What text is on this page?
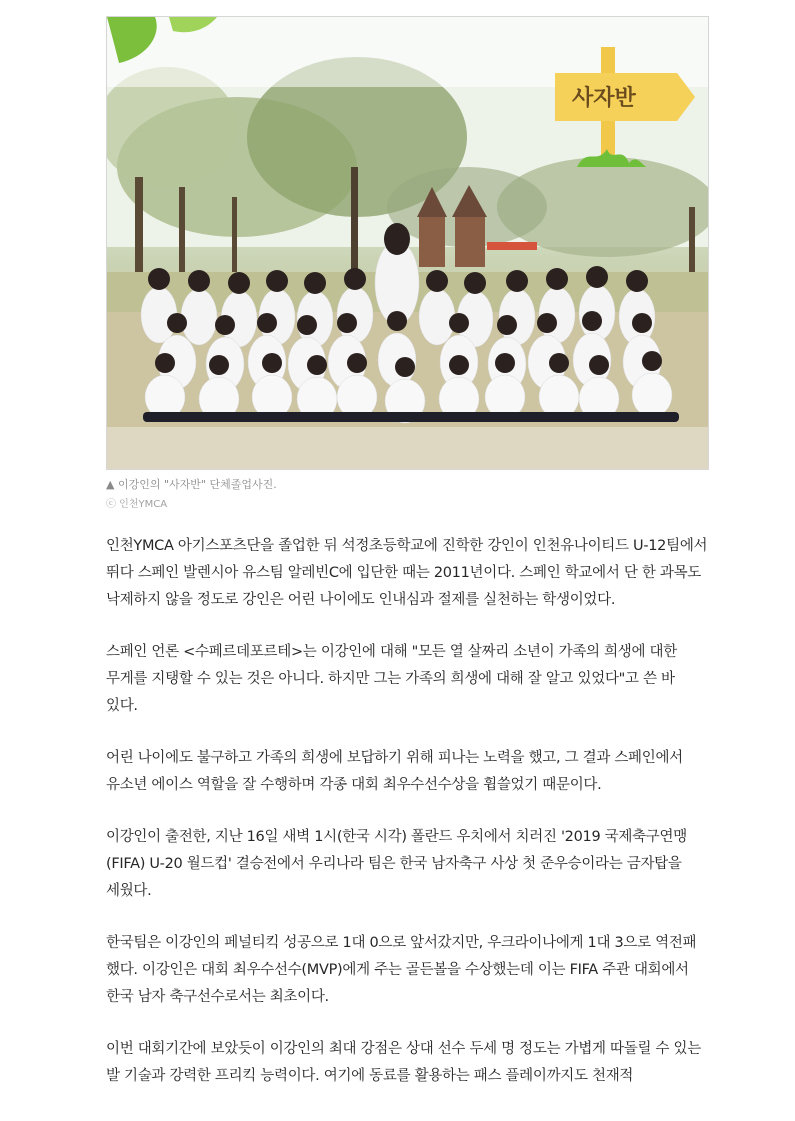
사자반
▲ 이강인의 "사자반" 단체졸업사진.
ⓒ 인천YMCA

인천YMCA 아기스포츠단을 졸업한 뒤 석정초등학교에 진학한 강인이 인천유나이티드 U-12팀에서 뛰다 스페인 발렌시아 유스팀 알레빈C에 입단한 때는 2011년이다. 스페인 학교에서 단 한 과목도 낙제하지 않을 정도로 강인은 어린 나이에도 인내심과 절제를 실천하는 학생이었다.

스페인 언론 <수페르데포르테>는 이강인에 대해 "모든 열 살짜리 소년이 가족의 희생에 대한 무게를 지탱할 수 있는 것은 아니다. 하지만 그는 가족의 희생에 대해 잘 알고 있었다"고 쓴 바 있다.

어린 나이에도 불구하고 가족의 희생에 보답하기 위해 피나는 노력을 했고, 그 결과 스페인에서 유소년 에이스 역할을 잘 수행하며 각종 대회 최우수선수상을 휩쓸었기 때문이다.

이강인이 출전한, 지난 16일 새벽 1시(한국 시각) 폴란드 우치에서 치러진 '2019 국제축구연맹(FIFA) U-20 월드컵' 결승전에서 우리나라 팀은 한국 남자축구 사상 첫 준우승이라는 금자탑을 세웠다.

한국팀은 이강인의 페널티킥 성공으로 1대 0으로 앞서갔지만, 우크라이나에게 1대 3으로 역전패 했다. 이강인은 대회 최우수선수(MVP)에게 주는 골든볼을 수상했는데 이는 FIFA 주관 대회에서 한국 남자 축구선수로서는 최초이다.

이번 대회기간에 보았듯이 이강인의 최대 강점은 상대 선수 두세 명 정도는 가볍게 따돌릴 수 있는 발 기술과 강력한 프리킥 능력이다. 여기에 동료를 활용하는 패스 플레이까지도 천재적
